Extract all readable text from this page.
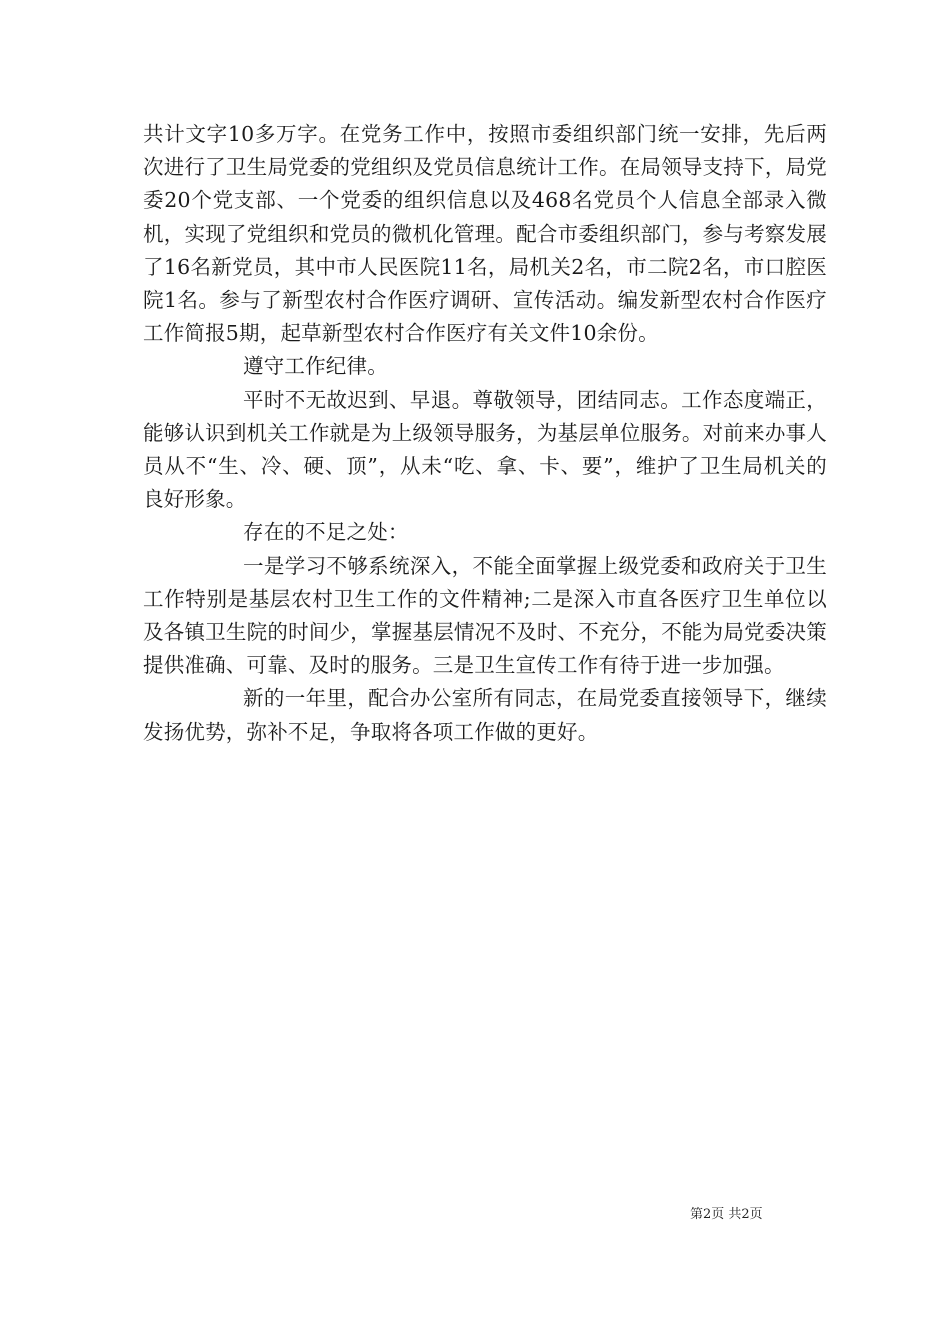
共计文字10多万字。在党务工作中，按照市委组织部门统一安排，先后两次进行了卫生局党委的党组织及党员信息统计工作。在局领导支持下，局党委20个党支部、一个党委的组织信息以及468名党员个人信息全部录入微机，实现了党组织和党员的微机化管理。配合市委组织部门，参与考察发展了16名新党员，其中市人民医院11名，局机关2名，市二院2名，市口腔医院1名。参与了新型农村合作医疗调研、宣传活动。编发新型农村合作医疗工作简报5期，起草新型农村合作医疗有关文件10余份。

遵守工作纪律。

平时不无故迟到、早退。尊敬领导，团结同志。工作态度端正，能够认识到机关工作就是为上级领导服务，为基层单位服务。对前来办事人员从不“生、冷、硬、顶”，从未“吃、拿、卡、要”，维护了卫生局机关的良好形象。

存在的不足之处：

一是学习不够系统深入，不能全面掌握上级党委和政府关于卫生工作特别是基层农村卫生工作的文件精神;二是深入市直各医疗卫生单位以及各镇卫生院的时间少，掌握基层情况不及时、不充分，不能为局党委决策提供准确、可靠、及时的服务。三是卫生宣传工作有待于进一步加强。

新的一年里，配合办公室所有同志，在局党委直接领导下，继续发扬优势，弥补不足，争取将各项工作做的更好。

第2页 共2页
